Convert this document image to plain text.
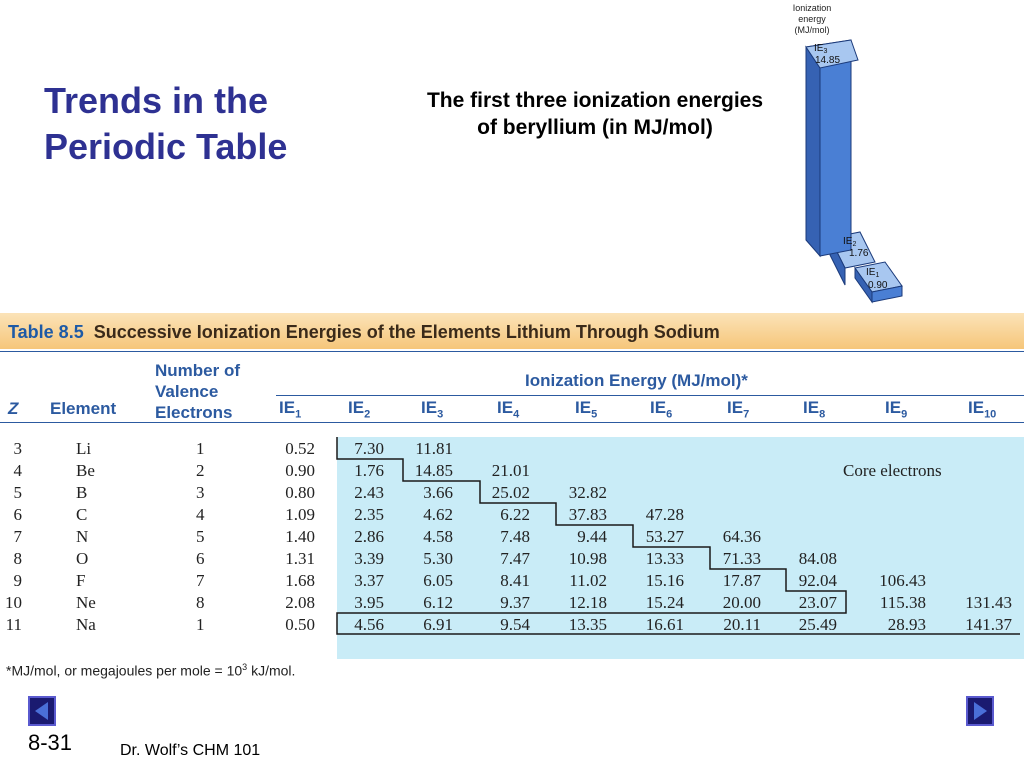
Trends in the Periodic Table
The first three ionization energies of beryllium (in MJ/mol)
Ionization
energy
(MJ/mol)
$IE_3$
14.85
$IE_2$
1.76
$IE_1$
0.90
Table 8.5 Successive Ionization Energies of the Elements Lithium Through Sodium
Z Element
Number of Valence Electrons
Ionization Energy (MJ/mol)*
$IE_1$	$IE_2$	$IE_3$	$IE_4$	$IE_5$	$IE_6$	$IE_7$	$IE_8$	$IE_9$	$IE_{10}$
Core electrons
3	Li	1	0.52	7.30 11.81
4	Be	2	0.90	1.76 14.85 21.01
5	B	3	0.80	2.43	3.66 25.02 32.82
6	C	4	1.09	2.35	4.62	6.22 37.83 47.28
7	N	5	1.40	2.86	4.58	7.48	9.44 53.27 64.36
8	O	6	1.31	3.39	5.30	7.47 10.98 13.33 71.33 84.08
9	F	7	1.68	3.37	6.05	8.41 11.02 15.16 17.87 92.04 106.43
10	Ne	8	2.08	3.95	6.12	9.37 12.18 15.24 20.00 23.07	115.38	131.43
11	Na	1	0.50	4.56	6.91	9.54 13.35 16.61 20.11 25.49	28.93	141.37
*MJ/mol, or megajoules per mole = $10^3$ kJ/mol.
8-31	Dr. Wolf’s CHM 101
